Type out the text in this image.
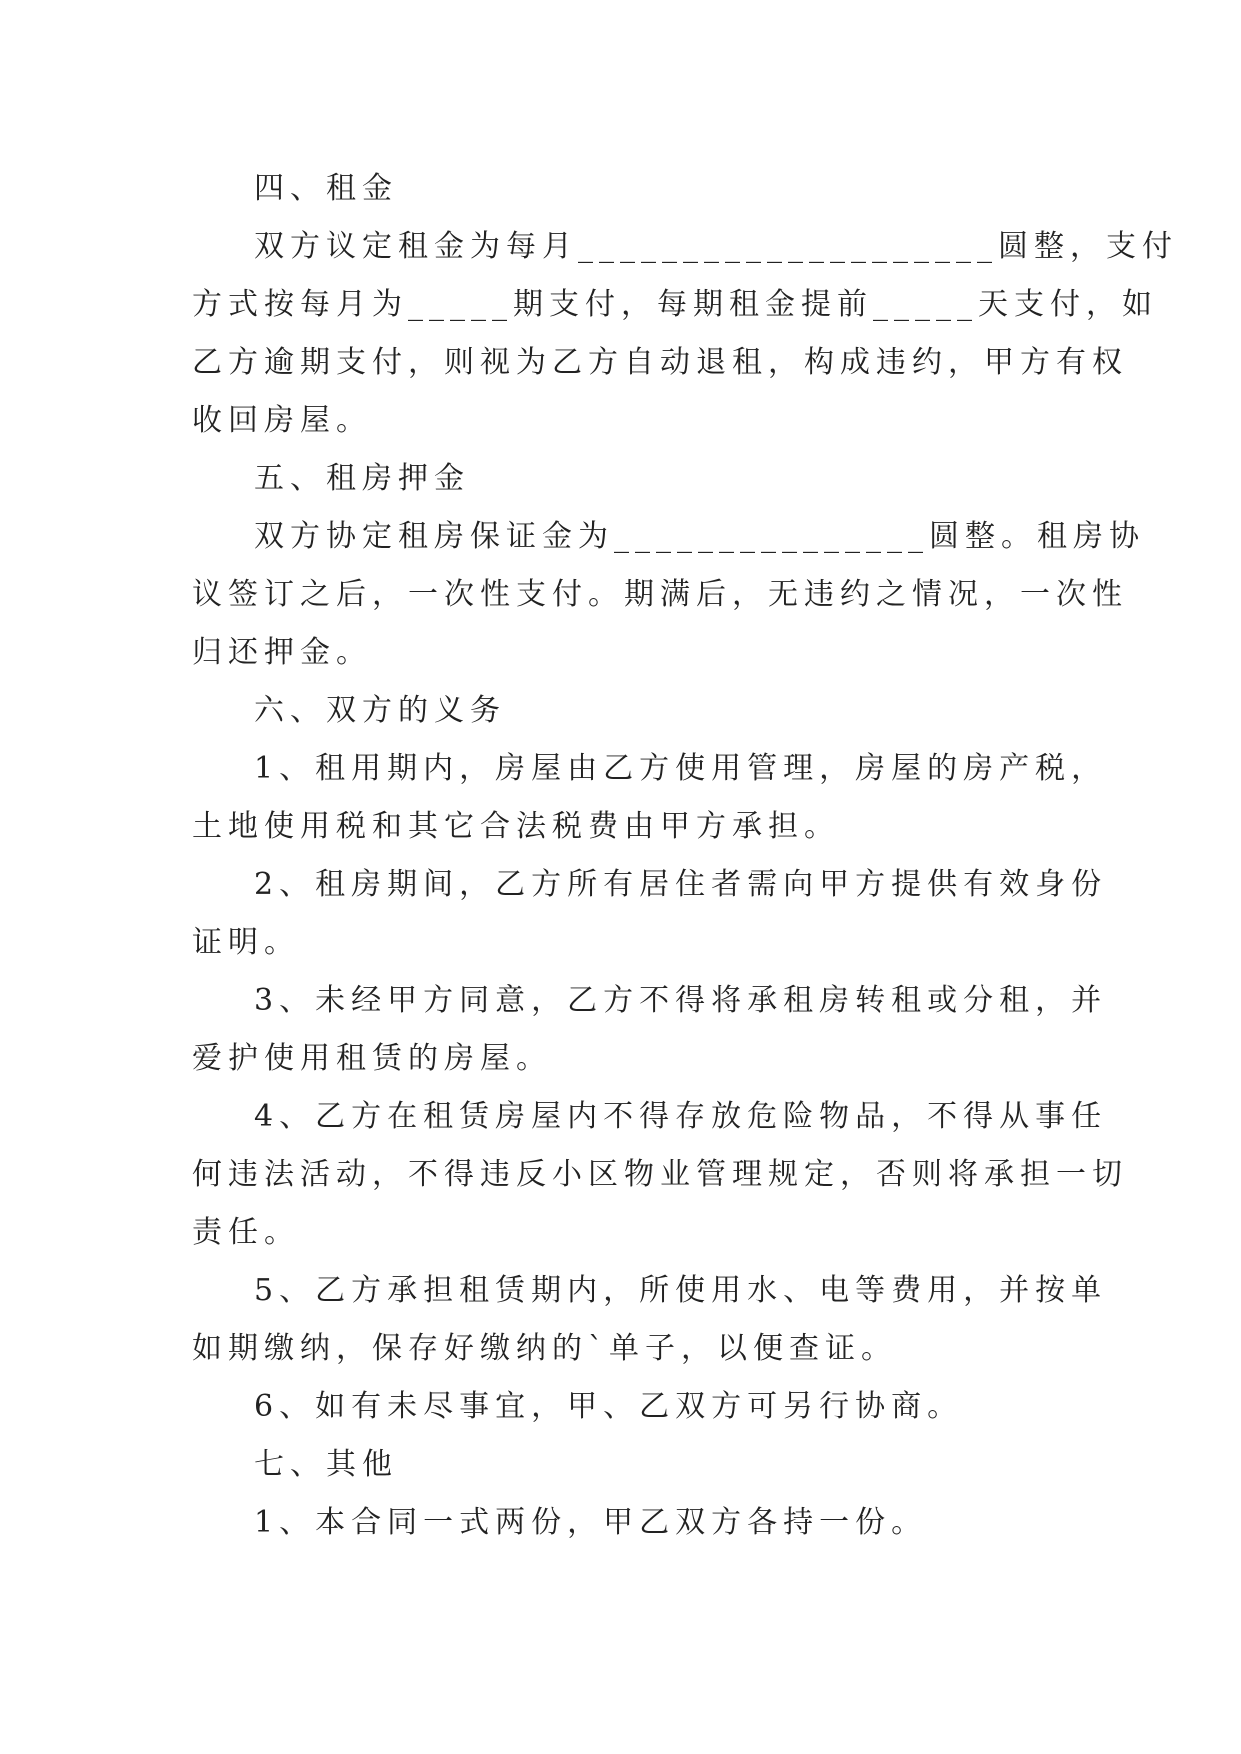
四、租金
双方议定租金为每月____________________圆整，支付
方式按每月为_____期支付，每期租金提前_____天支付，如
乙方逾期支付，则视为乙方自动退租，构成违约，甲方有权
收回房屋。
五、租房押金
双方协定租房保证金为_______________圆整。租房协
议签订之后，一次性支付。期满后，无违约之情况，一次性
归还押金。
六、双方的义务
1、租用期内，房屋由乙方使用管理，房屋的房产税，
土地使用税和其它合法税费由甲方承担。
2、租房期间，乙方所有居住者需向甲方提供有效身份
证明。
3、未经甲方同意，乙方不得将承租房转租或分租，并
爱护使用租赁的房屋。
4、乙方在租赁房屋内不得存放危险物品，不得从事任
何违法活动，不得违反小区物业管理规定，否则将承担一切
责任。
5、乙方承担租赁期内，所使用水、电等费用，并按单
如期缴纳，保存好缴纳的`单子，以便查证。
6、如有未尽事宜，甲、乙双方可另行协商。
七、其他
1、本合同一式两份，甲乙双方各持一份。
